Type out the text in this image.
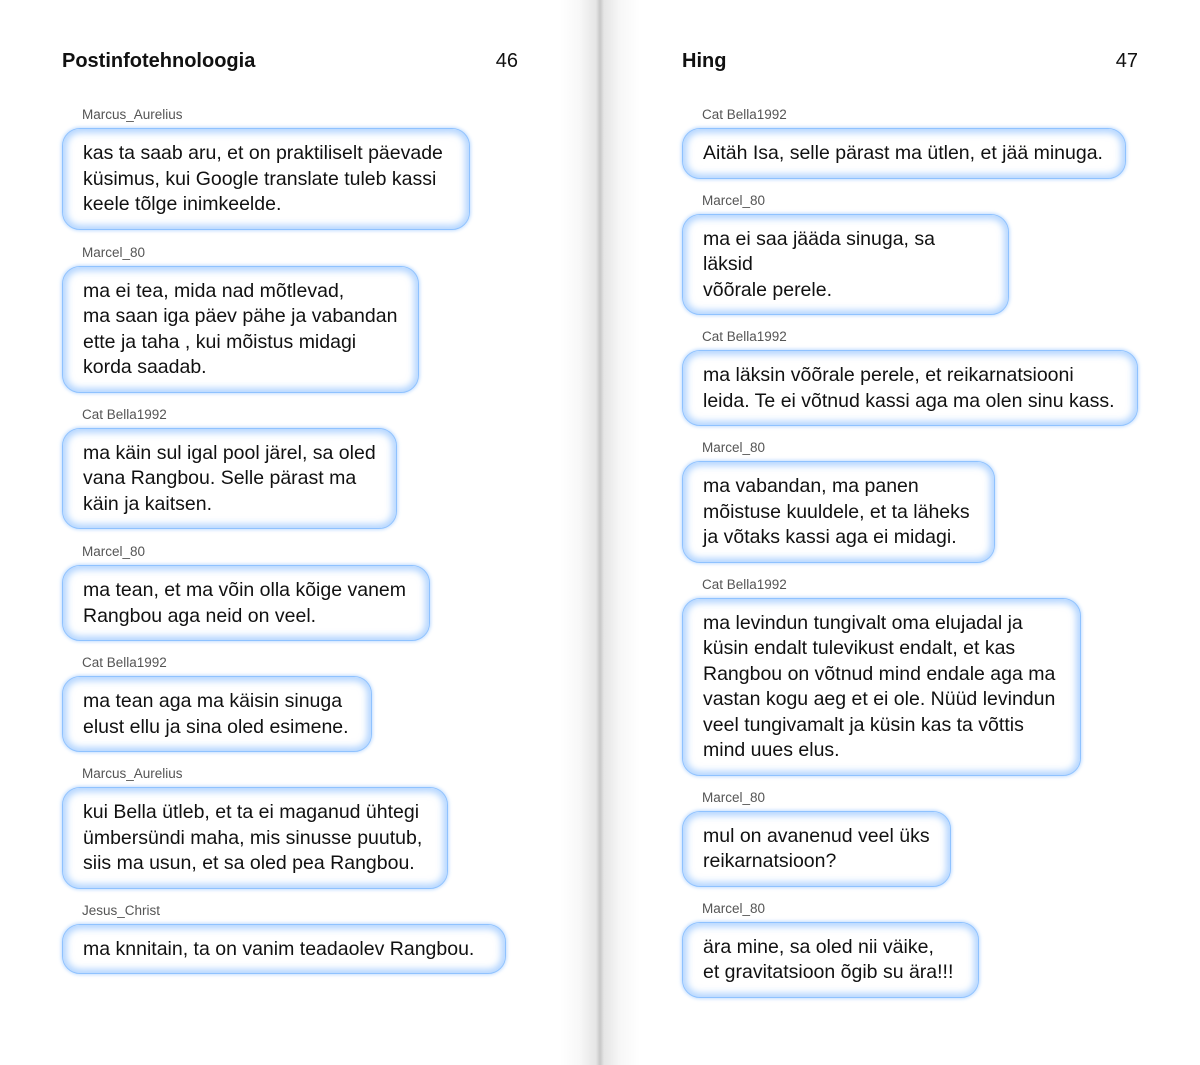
Postinfotehnoloogia	46
Marcus_Aurelius
kas ta saab aru, et on praktiliselt päevade
küsimus, kui Google translate tuleb kassi
keele tõlge inimkeelde.
Marcel_80
ma ei tea, mida nad mõtlevad,
ma saan iga päev pähe ja vabandan
ette ja taha , kui mõistus midagi
korda saadab.
Cat Bella1992
ma käin sul igal pool järel, sa oled
vana Rangbou. Selle pärast ma
käin ja kaitsen.
Marcel_80
ma tean, et ma võin olla kõige vanem
Rangbou aga neid on veel.
Cat Bella1992
ma tean aga ma käisin sinuga
elust ellu ja sina oled esimene.
Marcus_Aurelius
kui Bella ütleb, et ta ei maganud ühtegi
ümbersündi maha, mis sinusse puutub,
siis ma usun, et sa oled pea Rangbou.
Jesus_Christ
ma knnitain, ta on vanim teadaolev Rangbou.
Hing	47
Cat Bella1992
Aitäh Isa, selle pärast ma ütlen, et jää minuga.
Marcel_80
ma ei saa jääda sinuga, sa läksid
võõrale perele.
Cat Bella1992
ma läksin võõrale perele, et reikarnatsiooni
leida. Te ei võtnud kassi aga ma olen sinu kass.
Marcel_80
ma vabandan, ma panen
mõistuse kuuldele, et ta läheks
ja võtaks kassi aga ei midagi.
Cat Bella1992
ma levindun tungivalt oma elujadal ja
küsin endalt tulevikust endalt, et kas
Rangbou on võtnud mind endale aga ma
vastan kogu aeg et ei ole. Nüüd levindun
veel tungivamalt ja küsin kas ta võttis
mind uues elus.
Marcel_80
mul on avanenud veel üks
reikarnatsioon?
Marcel_80
ära mine, sa oled nii väike,
et gravitatsioon õgib su ära!!!
